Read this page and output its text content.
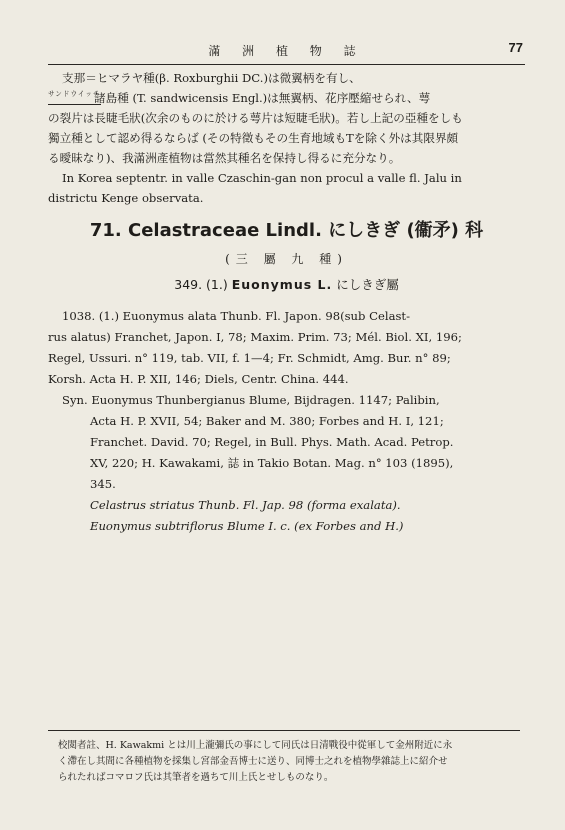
滿 洲 植 物 誌	77
支那＝ヒマラヤ種(β. Roxburghii DC.)は微翼柄を有し、
サンドウイッチ
諸島種 (T. sandwicensis Engl.)は無翼柄、花序壓縮せられ、萼
の裂片は長睫毛狀(次余のものに於ける萼片は短睫毛狀)。若し上記の亞種をしも
獨立種として認め得るならば (その特徵もその生育地域もTを除く外は其限界頗
る曖昧なり)、我滿洲產植物は當然其種名を保持し得るに充分なり。
In Korea septentr. in valle Czaschin-gan non procul a valle fl. Jalu in
districtu Kenge observata.
71. Celastraceae Lindl. にしきぎ (衞矛) 科
(三 屬 九 種)
349. (1.) Euonymus L. にしきぎ屬
1038. (1.) Euonymus alata Thunb. Fl. Japon. 98(sub Celast-
rus alatus) Franchet, Japon. I, 78; Maxim. Prim. 73; Mél. Biol. XI, 196;
Regel, Ussuri. n° 119, tab. VII, f. 1—4; Fr. Schmidt, Amg. Bur. n° 89;
Korsh. Acta H. P. XII, 146; Diels, Centr. China. 444.
Syn. Euonymus Thunbergianus Blume, Bijdragen. 1147; Palibin,
Acta H. P. XVII, 54; Baker and M. 380; Forbes and H. I, 121;
Franchet. David. 70; Regel, in Bull. Phys. Math. Acad. Petrop.
XV, 220; H. Kawakami, 誌 in Takio Botan. Mag. n° 103 (1895),
345.
Celastrus striatus Thunb. Fl. Jap. 98 (forma exalata).
Euonymus subtriflorus Blume I. c. (ex Forbes and H.)
校閲者註、H. Kawakmi とは川上瀧彌氏の事にして同氏は日清戰役中從軍して金州附近に永
く滯在し其間に各種植物を採集し宮部金吾博士に送り、同博士之れを植物學雜誌上に紹介せ
られたればコマロフ氏は其筆者を過ちて川上氏とせしものなり。
